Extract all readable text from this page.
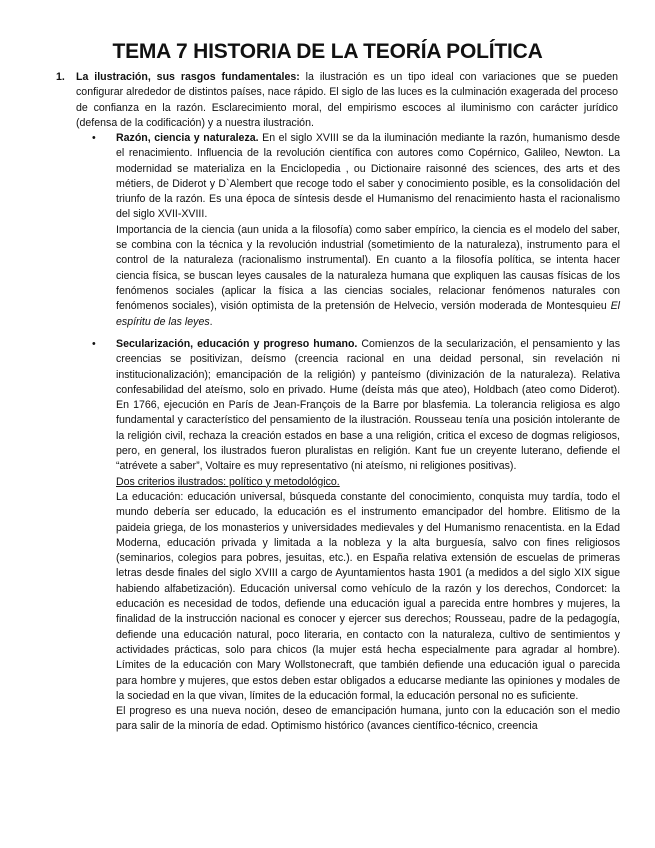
TEMA 7 HISTORIA DE LA TEORÍA POLÍTICA
1. La ilustración, sus rasgos fundamentales: la ilustración es un tipo ideal con variaciones que se pueden configurar alrededor de distintos países, nace rápido. El siglo de las luces es la culminación exagerada del proceso de confianza en la razón. Esclarecimiento moral, del empirismo escoces al iluminismo con carácter jurídico (defensa de la codificación) y a nuestra ilustración.
• Razón, ciencia y naturaleza. En el siglo XVIII se da la iluminación mediante la razón, humanismo desde el renacimiento. Influencia de la revolución científica con autores como Copérnico, Galileo, Newton. La modernidad se materializa en la Enciclopedia , ou Dictionaire raisonné des sciences, des arts et des métiers, de Diderot y D`Alembert que recoge todo el saber y conocimiento posible, es la consolidación del triunfo de la razón. Es una época de síntesis desde el Humanismo del renacimiento hasta el racionalismo del siglo XVII-XVIII.

Importancia de la ciencia (aun unida a la filosofía) como saber empírico, la ciencia es el modelo del saber, se combina con la técnica y la revolución industrial (sometimiento de la naturaleza), instrumento para el control de la naturaleza (racionalismo instrumental). En cuanto a la filosofía política, se intenta hacer ciencia física, se buscan leyes causales de la naturaleza humana que expliquen las causas físicas de los fenómenos sociales (aplicar la física a las ciencias sociales, relacionar fenómenos naturales con fenómenos sociales), visión optimista de la pretensión de Helvecio, versión moderada de Montesquieu El espíritu de las leyes.

• Secularización, educación y progreso humano. Comienzos de la secularización, el pensamiento y las creencias se positivizan, deísmo (creencia racional en una deidad personal, sin revelación ni institucionalización); emancipación de la religión) y panteísmo (divinización de la naturaleza). Relativa confesabilidad del ateísmo, solo en privado. Hume (deísta más que ateo), Holdbach (ateo como Diderot). En 1766, ejecución en París de Jean-François de la Barre por blasfemia. La tolerancia religiosa es algo fundamental y característico del pensamiento de la ilustración. Rousseau tenía una posición intolerante de la religión civil, rechaza la creación estados en base a una religión, critica el exceso de dogmas religiosos, pero, en general, los ilustrados fueron pluralistas en religión. Kant fue un creyente luterano, defiende el “atrévete a saber”, Voltaire es muy representativo (ni ateísmo, ni religiones positivas).

Dos criterios ilustrados: político y metodológico.

La educación: educación universal, búsqueda constante del conocimiento, conquista muy tardía, todo el mundo debería ser educado, la educación es el instrumento emancipador del hombre. Elitismo de la paideia griega, de los monasterios y universidades medievales y del Humanismo renacentista. en la Edad Moderna, educación privada y limitada a la nobleza y la alta burguesía, salvo con fines religiosos (seminarios, colegios para pobres, jesuitas, etc.). en España relativa extensión de escuelas de primeras letras desde finales del siglo XVIII a cargo de Ayuntamientos hasta 1901 (a medidos a del siglo XIX sigue habiendo alfabetización). Educación universal como vehículo de la razón y los derechos, Condorcet: la educación es necesidad de todos, defiende una educación igual a parecida entre hombres y mujeres, la finalidad de la instrucción nacional es conocer y ejercer sus derechos; Rousseau, padre de la pedagogía, defiende una educación natural, poco literaria, en contacto con la naturaleza, cultivo de sentimientos y actividades prácticas, solo para chicos (la mujer está hecha especialmente para agradar al hombre). Límites de la educación con Mary Wollstonecraft, que también defiende una educación igual o parecida para hombre y mujeres, que estos deben estar obligados a educarse mediante las opiniones y modales de la sociedad en la que vivan, límites de la educación formal, la educación personal no es suficiente.

El progreso es una nueva noción, deseo de emancipación humana, junto con la educación son el medio para salir de la minoría de edad. Optimismo histórico (avances científico-técnico, creencia
